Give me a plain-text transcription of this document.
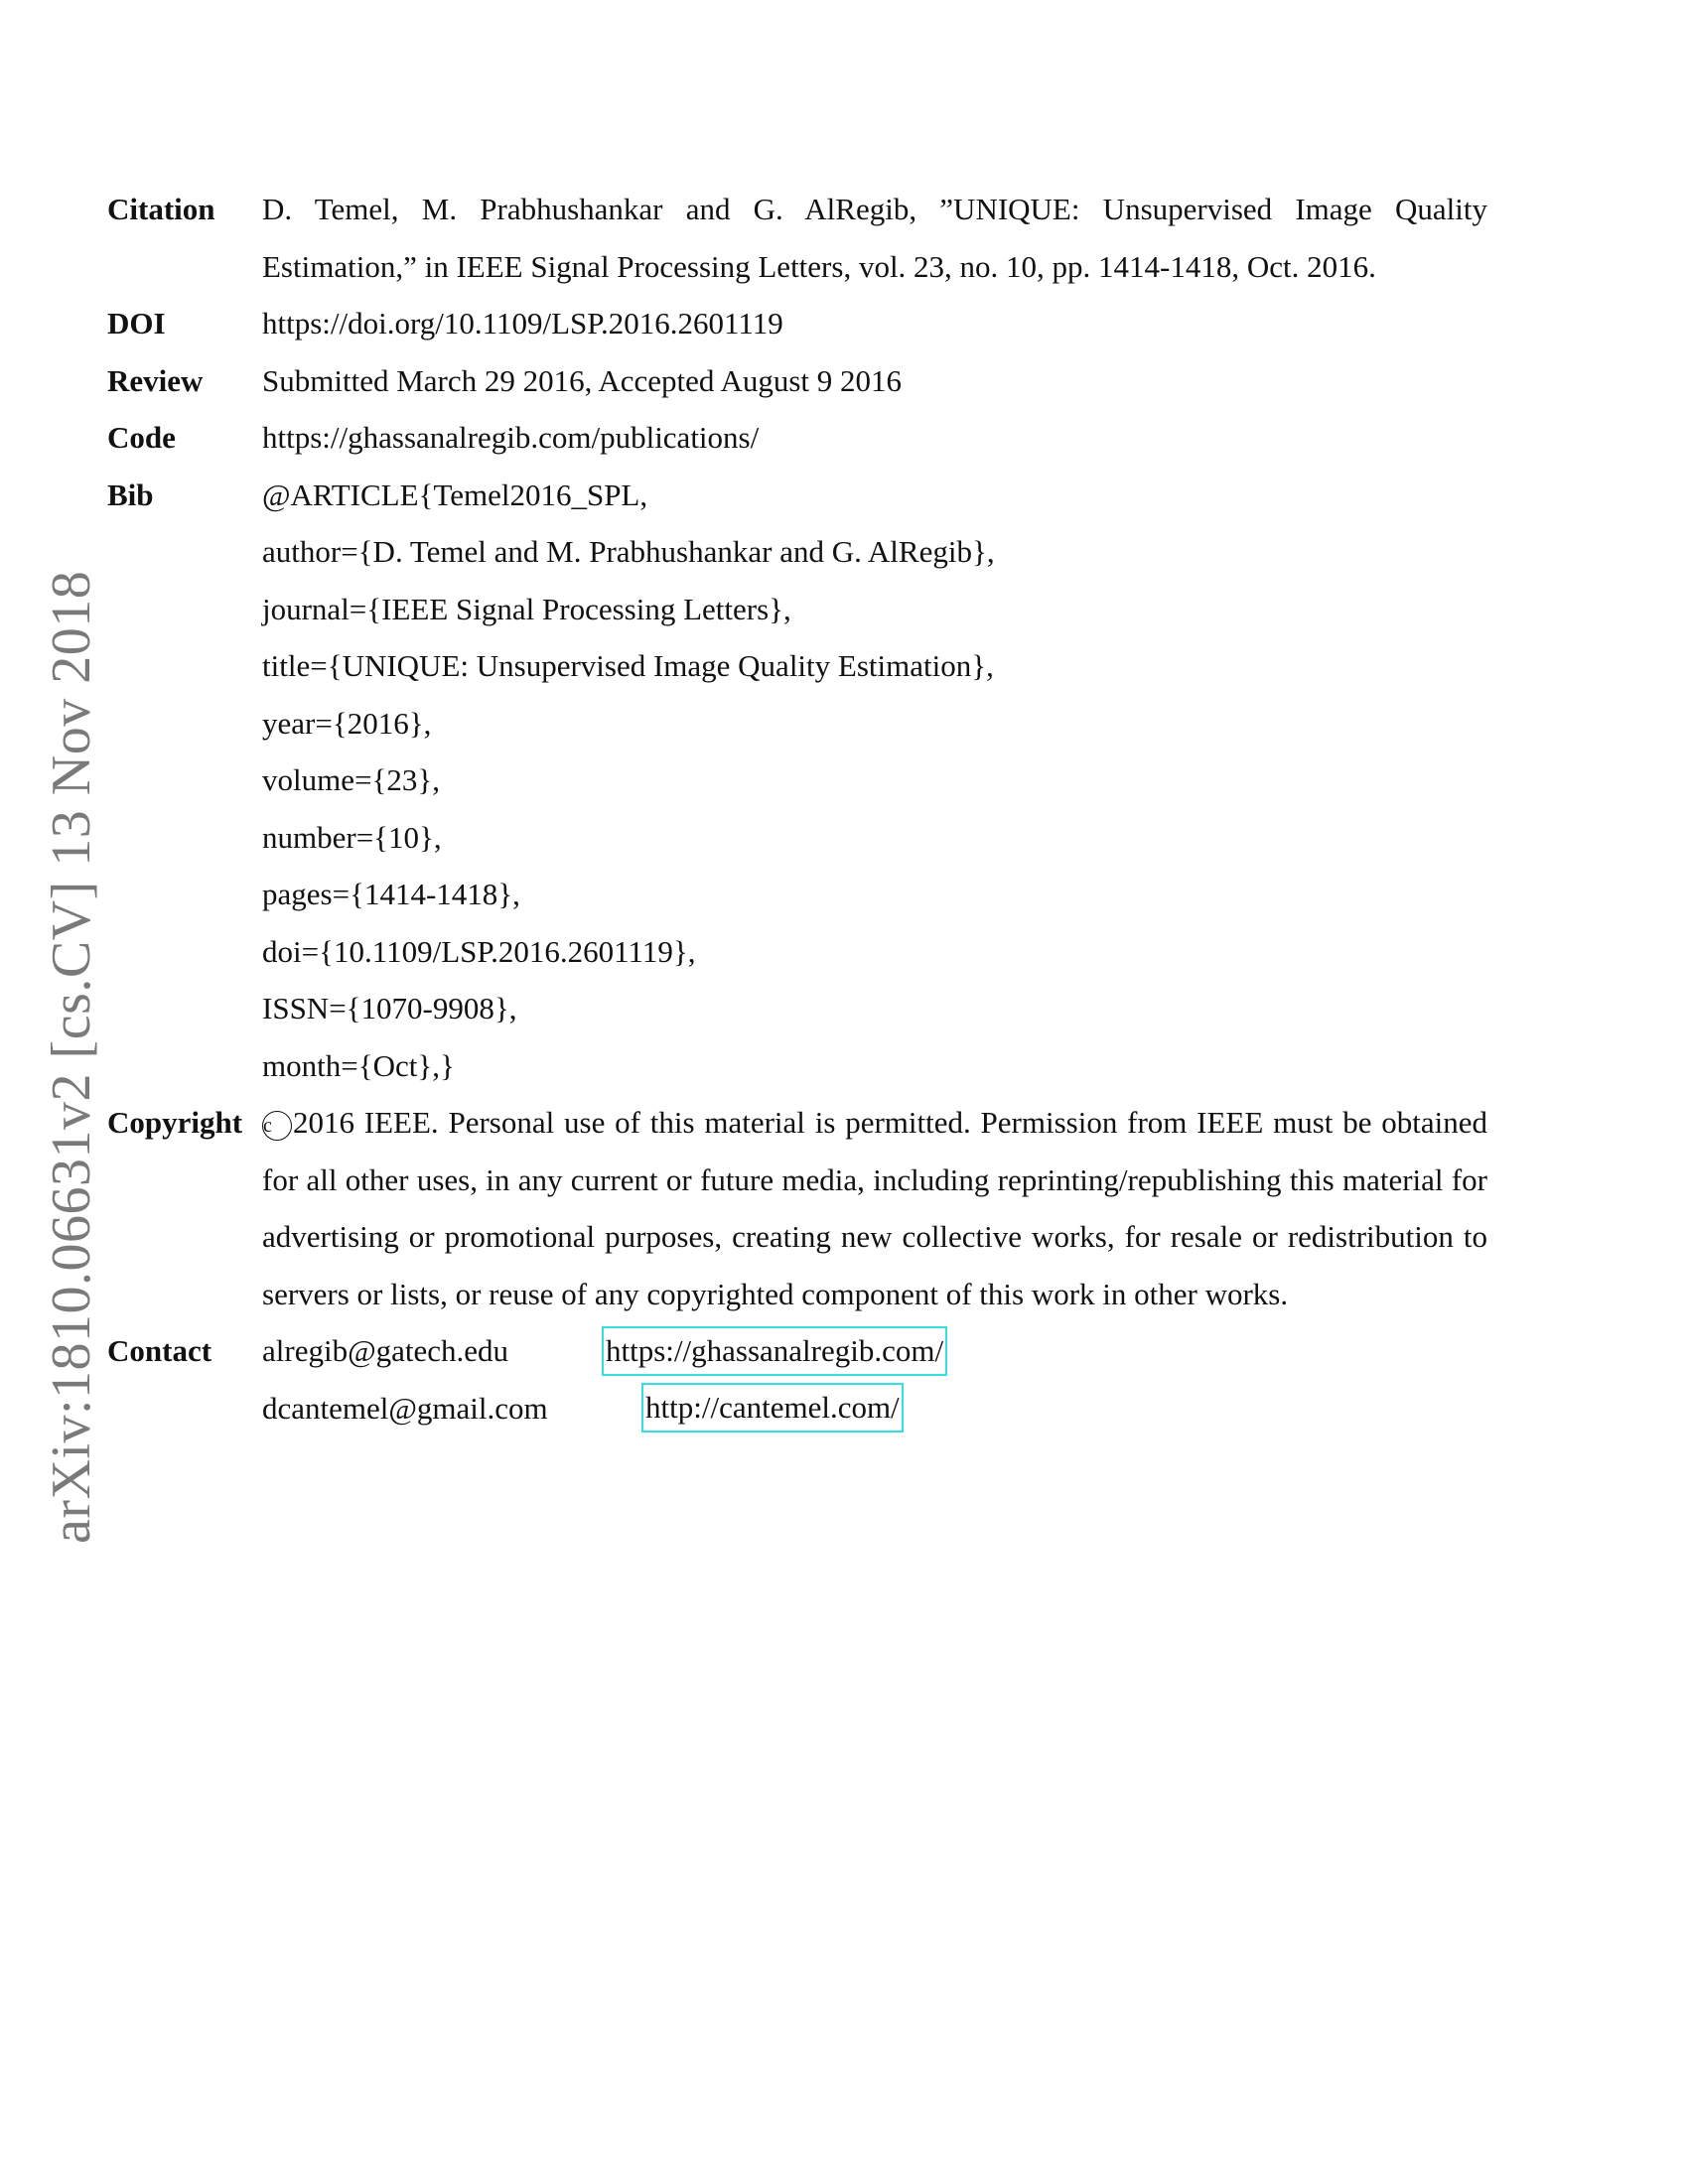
arXiv:1810.06631v2 [cs.CV] 13 Nov 2018
Citation	D. Temel, M. Prabhushankar and G. AlRegib, ”UNIQUE: Unsupervised Image Quality Estimation,” in IEEE Signal Processing Letters, vol. 23, no. 10, pp. 1414-1418, Oct. 2016.
DOI	https://doi.org/10.1109/LSP.2016.2601119
Review	Submitted March 29 2016, Accepted August 9 2016
Code	https://ghassanalregib.com/publications/
Bib	@ARTICLE{Temel2016_SPL,
author={D. Temel and M. Prabhushankar and G. AlRegib},
journal={IEEE Signal Processing Letters},
title={UNIQUE: Unsupervised Image Quality Estimation},
year={2016},
volume={23},
number={10},
pages={1414-1418},
doi={10.1109/LSP.2016.2601119},
ISSN={1070-9908},
month={Oct},}
Copyright	c 2016 IEEE. Personal use of this material is permitted. Permission from IEEE must be obtained for all other uses, in any current or future media, including reprinting/republishing this material for advertising or promotional purposes, creating new collective works, for resale or redistribution to servers or lists, or reuse of any copyrighted component of this work in other works.
Contact	alregib@gatech.edu	https://ghassanalregib.com/
dcantemel@gmail.com	http://cantemel.com/
